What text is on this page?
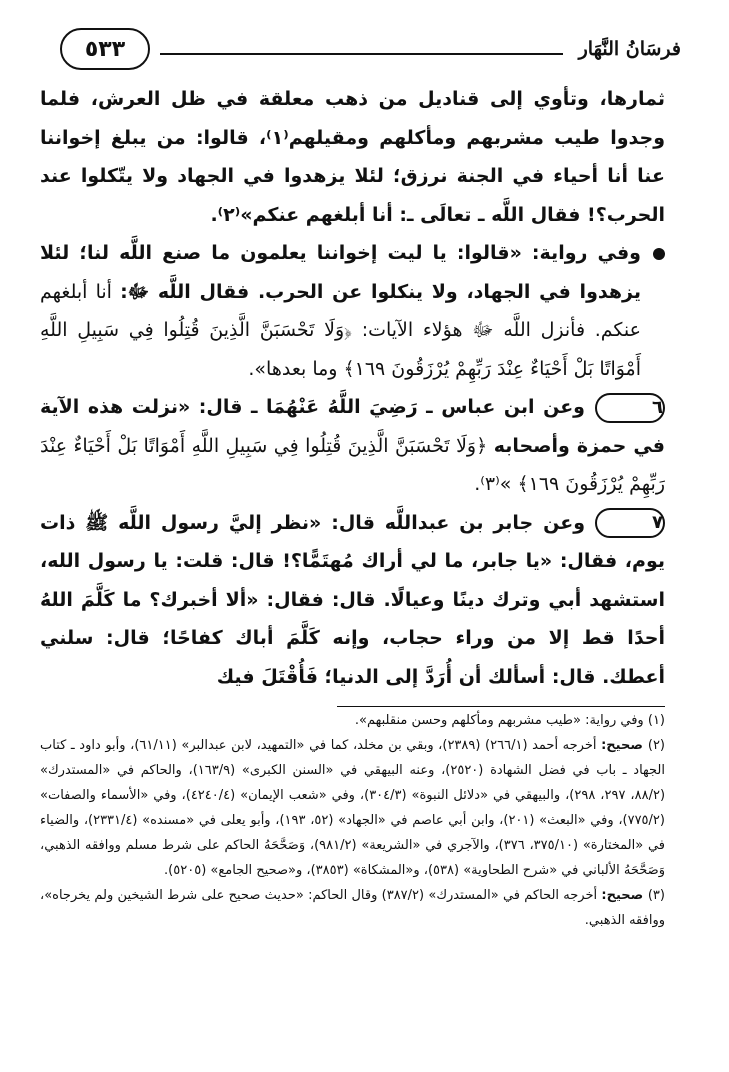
فرسَانُ النَّهَار
٥٣٣

ثمارها، وتأوي إلى قناديل من ذهب معلقة في ظل العرش، فلما وجدوا طيب مشربهم ومأكلهم ومقيلهم⁽١⁾، قالوا: من يبلغ إخواننا عنا أنا أحياء في الجنة نرزق؛ لئلا يزهدوا في الجهاد ولا يتّكلوا عند الحرب؟! فقال اللَّه ـ تعالَى ـ: أنا أبلغهم عنكم»⁽٢⁾.

وفي رواية: «قالوا: يا ليت إخواننا يعلمون ما صنع اللَّه لنا؛ لئلا يزهدوا في الجهاد، ولا ينكلوا عن الحرب. فقال اللَّه ﷻ: أنا أبلغهم عنكم. فأنزل اللَّه ﷻ هؤلاء الآيات: ﴿وَلَا تَحْسَبَنَّ الَّذِينَ قُتِلُوا فِي سَبِيلِ اللَّهِ أَمْوَاتًا بَلْ أَحْيَاءٌ عِنْدَ رَبِّهِمْ يُرْزَقُونَ ١٦٩﴾ وما بعدها».

٦وعن ابن عباس ـ رَضِيَ اللَّهُ عَنْهُمَا ـ قال: «نزلت هذه الآية في حمزة وأصحابه ﴿وَلَا تَحْسَبَنَّ الَّذِينَ قُتِلُوا فِي سَبِيلِ اللَّهِ أَمْوَاتًا بَلْ أَحْيَاءٌ عِنْدَ رَبِّهِمْ يُرْزَقُونَ ١٦٩﴾ »⁽٣⁾.

٧وعن جابر بن عبداللَّه قال: «نظر إليَّ رسول اللَّه ﷺ ذات يوم، فقال: «يا جابر، ما لي أراك مُهتَمًّا؟! قال: قلت: يا رسول الله، استشهد أبي وترك دينًا وعيالًا. قال: فقال: «ألا أخبرك؟ ما كَلَّمَ اللهُ أحدًا قط إلا من وراء حجاب، وإنه كَلَّمَ أباك كفاحًا؛ قال: سلني أعطك. قال: أسألك أن أُرَدَّ إلى الدنيا؛ فَأُقْتَلَ فيك

(١) وفي رواية: «طيب مشربهم ومأكلهم وحسن منقلبهم».

(٢) صحيح: أخرجه أحمد (٢٦٦/١) (٢٣٨٩)، وبقي بن مخلد، كما في «التمهيد، لابن عبدالبر» (٦١/١١)، وأبو داود ـ كتاب الجهاد ـ باب في فضل الشهادة (٢٥٢٠)، وعنه البيهقي في «السنن الكبرى» (١٦٣/٩)، والحاكم في «المستدرك» (٨٨/٢، ٢٩٧، ٢٩٨)، والبيهقي في «دلائل النبوة» (٣٠٤/٣)، وفي «شعب الإيمان» (٤٢٤٠/٤)، وفي «الأسماء والصفات» (٧٧٥/٢)، وفي «البعث» (٢٠١)، وابن أبي عاصم في «الجهاد» (٥٢، ١٩٣)، وأبو يعلى في «مسنده» (٢٣٣١/٤)، والضياء في «المختارة» (٣٧٥/١٠، ٣٧٦)، والآجري في «الشريعة» (٩٨١/٢)، وَصَحَّحَهُ الحاكم على شرط مسلم ووافقه الذهبي، وَصَحَّحَهُ الألباني في «شرح الطحاوية» (٥٣٨)، و«المشكاة» (٣٨٥٣)، و«صحيح الجامع» (٥٢٠٥).

(٣) صحيح: أخرجه الحاكم في «المستدرك» (٣٨٧/٢) وقال الحاكم: «حديث صحيح على شرط الشيخين ولم يخرجاه»، ووافقه الذهبي.
